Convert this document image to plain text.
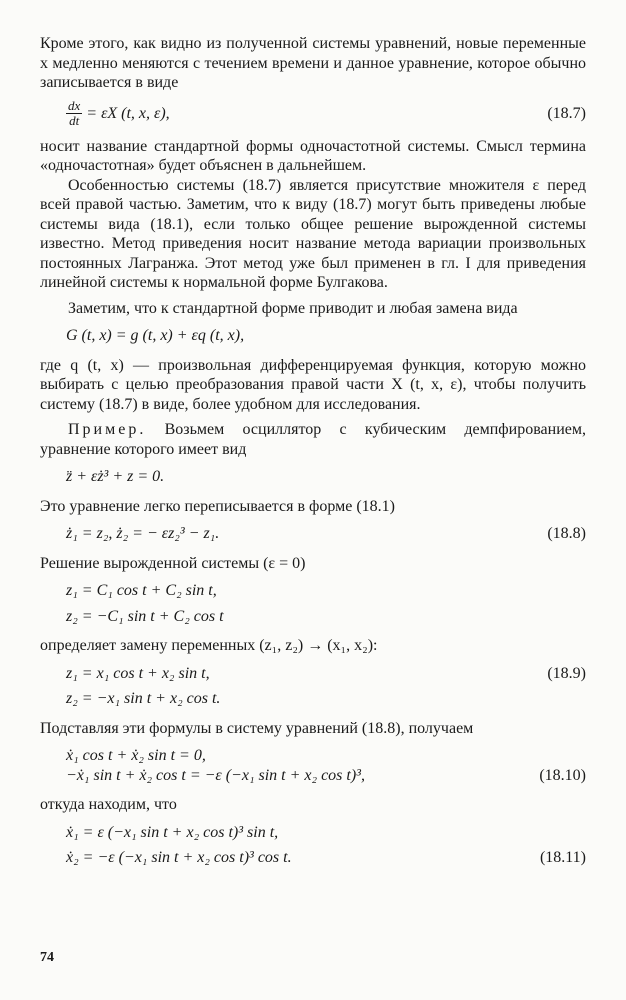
Кроме этого, как видно из полученной системы уравнений, новые переменные x медленно меняются с течением времени и данное уравнение, которое обычно записывается в виде

$\frac{dx}{dt} = \varepsilon X$ (t, x, ε),	(18.7)

носит название стандартной формы одночастотной системы. Смысл термина «одночастотная» будет объяснен в дальнейшем.

Особенностью системы (18.7) является присутствие множителя ε перед всей правой частью. Заметим, что к виду (18.7) могут быть приведены любые системы вида (18.1), если только общее решение вырожденной системы известно. Метод приведения носит название метода вариации произвольных постоянных Лагранжа. Этот метод уже был применен в гл. I для приведения линейной системы к нормальной форме Булгакова.

Заметим, что к стандартной форме приводит и любая замена вида

G (t, x) = g (t, x) + εq (t, x),

где q (t, x) — произвольная дифференцируемая функция, которую можно выбирать с целью преобразования правой части X (t, x, ε), чтобы получить систему (18.7) в виде, более удобном для исследования.

Пример. Возьмем осциллятор с кубическим демпфированием, уравнение которого имеет вид

z̈ + εż³ + z = 0.

Это уравнение легко переписывается в форме (18.1)

ż₁ = z₂, ż₂ = − εz₂³ − z₁.	(18.8)

Решение вырожденной системы (ε = 0)

z₁ = C₁ cos t + C₂ sin t,
z₂ = −C₁ sin t + C₂ cos t

определяет замену переменных (z₁, z₂) → (x₁, x₂):

z₁ = x₁ cos t + x₂ sin t,	(18.9)
z₂ = −x₁ sin t + x₂ cos t.

Подставляя эти формулы в систему уравнений (18.8), получаем

ẋ₁ cos t + ẋ₂ sin t = 0,
−ẋ₁ sin t + ẋ₂ cos t = −ε (−x₁ sin t + x₂ cos t)³,	(18.10)

откуда находим, что

ẋ₁ = ε (−x₁ sin t + x₂ cos t)³ sin t,
ẋ₂ = −ε (−x₁ sin t + x₂ cos t)³ cos t.	(18.11)
74
